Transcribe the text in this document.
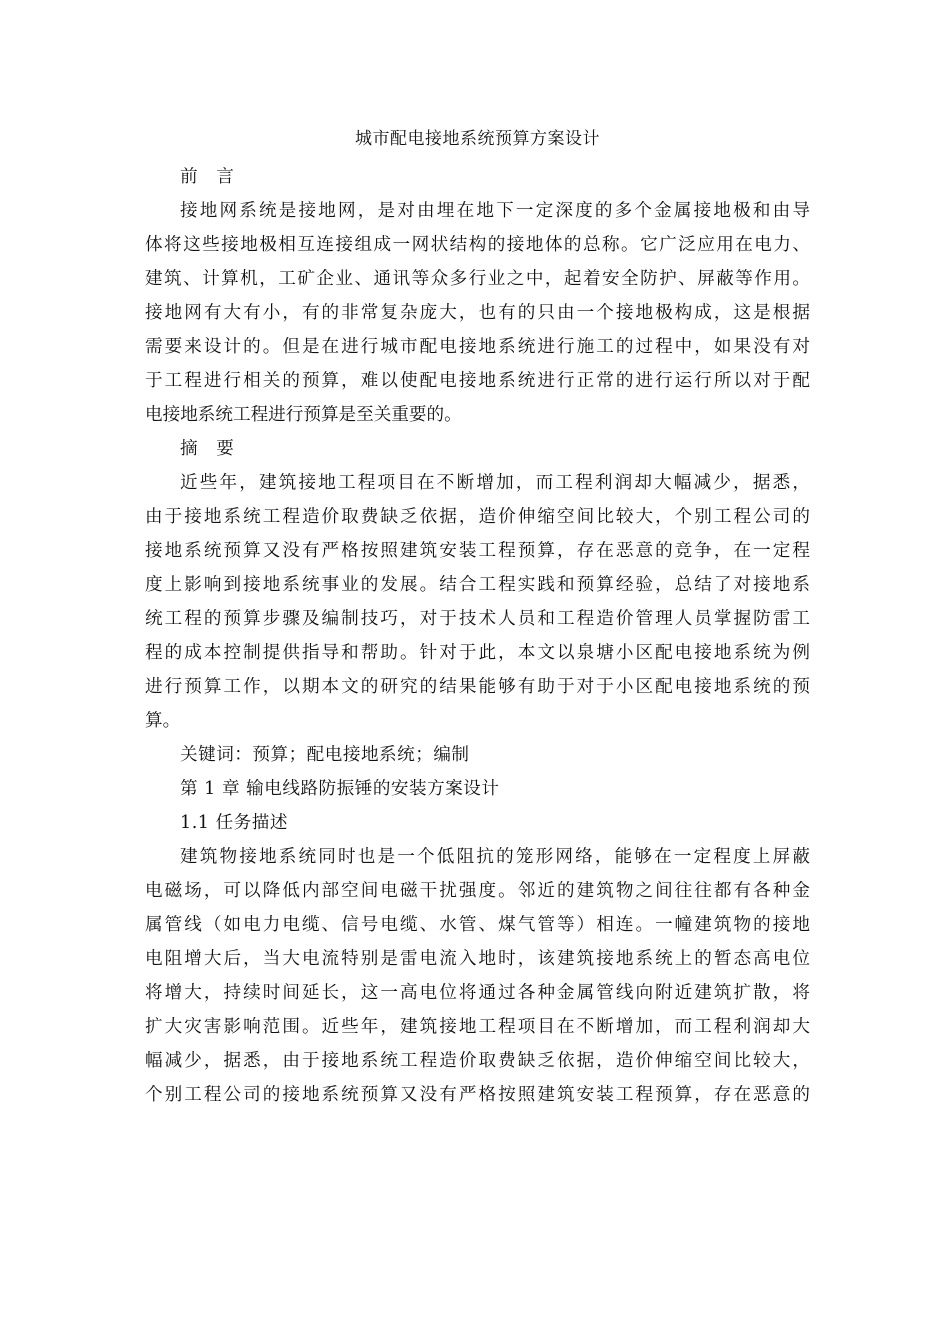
城市配电接地系统预算方案设计
前　言
接地网系统是接地网，是对由埋在地下一定深度的多个金属接地极和由导
体将这些接地极相互连接组成一网状结构的接地体的总称。它广泛应用在电力、
建筑、计算机，工矿企业、通讯等众多行业之中，起着安全防护、屏蔽等作用。
接地网有大有小，有的非常复杂庞大，也有的只由一个接地极构成，这是根据
需要来设计的。但是在进行城市配电接地系统进行施工的过程中，如果没有对
于工程进行相关的预算，难以使配电接地系统进行正常的进行运行所以对于配
电接地系统工程进行预算是至关重要的。
摘　要
近些年，建筑接地工程项目在不断增加，而工程利润却大幅减少，据悉，
由于接地系统工程造价取费缺乏依据，造价伸缩空间比较大，个别工程公司的
接地系统预算又没有严格按照建筑安装工程预算，存在恶意的竞争，在一定程
度上影响到接地系统事业的发展。结合工程实践和预算经验，总结了对接地系
统工程的预算步骤及编制技巧，对于技术人员和工程造价管理人员掌握防雷工
程的成本控制提供指导和帮助。针对于此，本文以泉塘小区配电接地系统为例
进行预算工作，以期本文的研究的结果能够有助于对于小区配电接地系统的预
算。
关键词：预算；配电接地系统；编制
第 1 章 输电线路防振锤的安装方案设计
1.1 任务描述
建筑物接地系统同时也是一个低阻抗的笼形网络，能够在一定程度上屏蔽
电磁场，可以降低内部空间电磁干扰强度。邻近的建筑物之间往往都有各种金
属管线（如电力电缆、信号电缆、水管、煤气管等）相连。一幢建筑物的接地
电阻增大后，当大电流特别是雷电流入地时，该建筑接地系统上的暂态高电位
将增大，持续时间延长，这一高电位将通过各种金属管线向附近建筑扩散，将
扩大灾害影响范围。近些年，建筑接地工程项目在不断增加，而工程利润却大
幅减少，据悉，由于接地系统工程造价取费缺乏依据，造价伸缩空间比较大，
个别工程公司的接地系统预算又没有严格按照建筑安装工程预算，存在恶意的
